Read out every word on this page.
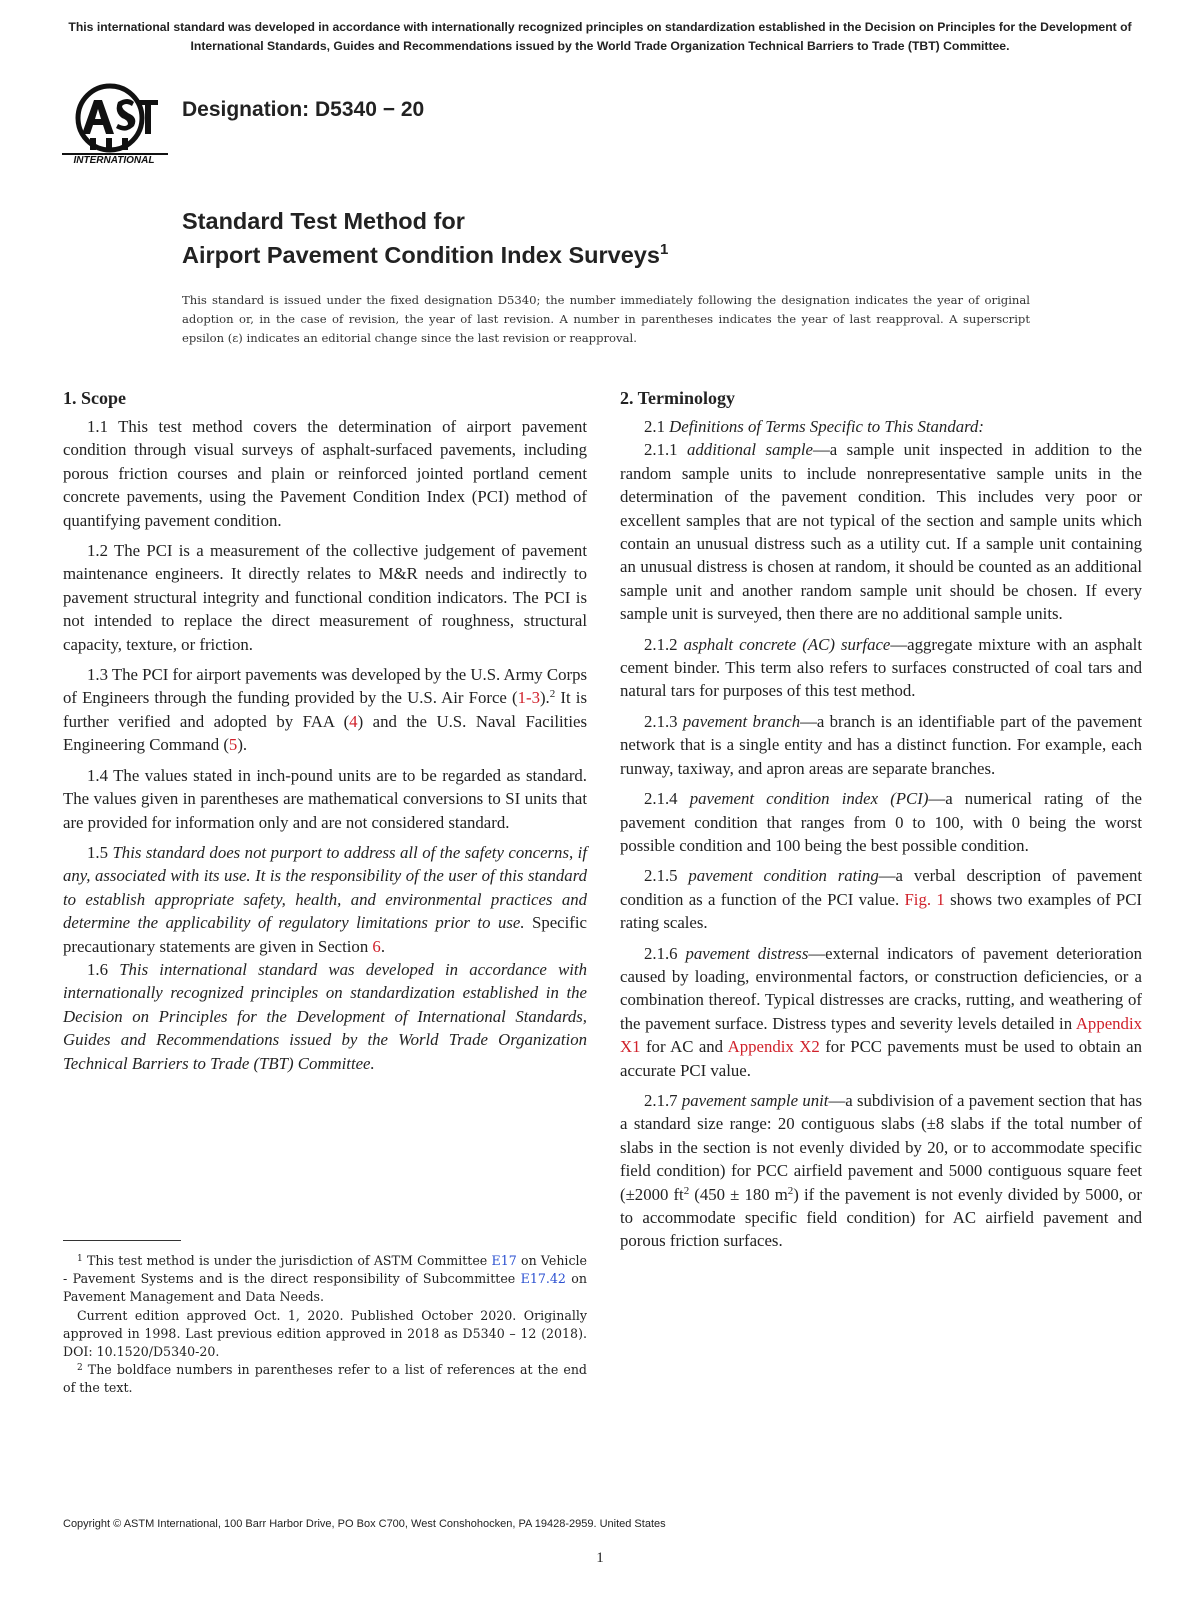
This international standard was developed in accordance with internationally recognized principles on standardization established in the Decision on Principles for the Development of International Standards, Guides and Recommendations issued by the World Trade Organization Technical Barriers to Trade (TBT) Committee.
INTERNATIONAL
Designation: D5340 − 20
Standard Test Method for
Airport Pavement Condition Index Surveys$^1$
This standard is issued under the fixed designation D5340; the number immediately following the designation indicates the year of original adoption or, in the case of revision, the year of last revision. A number in parentheses indicates the year of last reapproval. A superscript epsilon (ε) indicates an editorial change since the last revision or reapproval.
1. Scope

1.1 This test method covers the determination of airport pavement condition through visual surveys of asphalt-surfaced pavements, including porous friction courses and plain or reinforced jointed portland cement concrete pavements, using the Pavement Condition Index (PCI) method of quantifying pavement condition.

1.2 The PCI is a measurement of the collective judgement of pavement maintenance engineers. It directly relates to M&R needs and indirectly to pavement structural integrity and functional condition indicators. The PCI is not intended to replace the direct measurement of roughness, structural capacity, texture, or friction.

1.3 The PCI for airport pavements was developed by the U.S. Army Corps of Engineers through the funding provided by the U.S. Air Force (1-3).$^2$ It is further verified and adopted by FAA (4) and the U.S. Naval Facilities Engineering Command (5).

1.4 The values stated in inch-pound units are to be regarded as standard. The values given in parentheses are mathematical conversions to SI units that are provided for information only and are not considered standard.

1.5 This standard does not purport to address all of the safety concerns, if any, associated with its use. It is the responsibility of the user of this standard to establish appropriate safety, health, and environmental practices and determine the applicability of regulatory limitations prior to use. Specific precautionary statements are given in Section 6.

1.6 This international standard was developed in accordance with internationally recognized principles on standardization established in the Decision on Principles for the Development of International Standards, Guides and Recommendations issued by the World Trade Organization Technical Barriers to Trade (TBT) Committee.

$^1$ This test method is under the jurisdiction of ASTM Committee E17 on Vehicle - Pavement Systems and is the direct responsibility of Subcommittee E17.42 on Pavement Management and Data Needs.

Current edition approved Oct. 1, 2020. Published October 2020. Originally approved in 1998. Last previous edition approved in 2018 as D5340 – 12 (2018). DOI: 10.1520/D5340-20.

$^2$ The boldface numbers in parentheses refer to a list of references at the end of the text.

2. Terminology

2.1 Definitions of Terms Specific to This Standard:

2.1.1 additional sample—a sample unit inspected in addition to the random sample units to include nonrepresentative sample units in the determination of the pavement condition. This includes very poor or excellent samples that are not typical of the section and sample units which contain an unusual distress such as a utility cut. If a sample unit containing an unusual distress is chosen at random, it should be counted as an additional sample unit and another random sample unit should be chosen. If every sample unit is surveyed, then there are no additional sample units.

2.1.2 asphalt concrete (AC) surface—aggregate mixture with an asphalt cement binder. This term also refers to surfaces constructed of coal tars and natural tars for purposes of this test method.

2.1.3 pavement branch—a branch is an identifiable part of the pavement network that is a single entity and has a distinct function. For example, each runway, taxiway, and apron areas are separate branches.

2.1.4 pavement condition index (PCI)—a numerical rating of the pavement condition that ranges from 0 to 100, with 0 being the worst possible condition and 100 being the best possible condition.

2.1.5 pavement condition rating—a verbal description of pavement condition as a function of the PCI value. Fig. 1 shows two examples of PCI rating scales.

2.1.6 pavement distress—external indicators of pavement deterioration caused by loading, environmental factors, or construction deficiencies, or a combination thereof. Typical distresses are cracks, rutting, and weathering of the pavement surface. Distress types and severity levels detailed in Appendix X1 for AC and Appendix X2 for PCC pavements must be used to obtain an accurate PCI value.

2.1.7 pavement sample unit—a subdivision of a pavement section that has a standard size range: 20 contiguous slabs (±8 slabs if the total number of slabs in the section is not evenly divided by 20, or to accommodate specific field condition) for PCC airfield pavement and 5000 contiguous square feet (±2000 ft$^2$ (450 ± 180 m$^2$) if the pavement is not evenly divided by 5000, or to accommodate specific field condition) for AC airfield pavement and porous friction surfaces.

Copyright © ASTM International, 100 Barr Harbor Drive, PO Box C700, West Conshohocken, PA 19428-2959. United States
1
